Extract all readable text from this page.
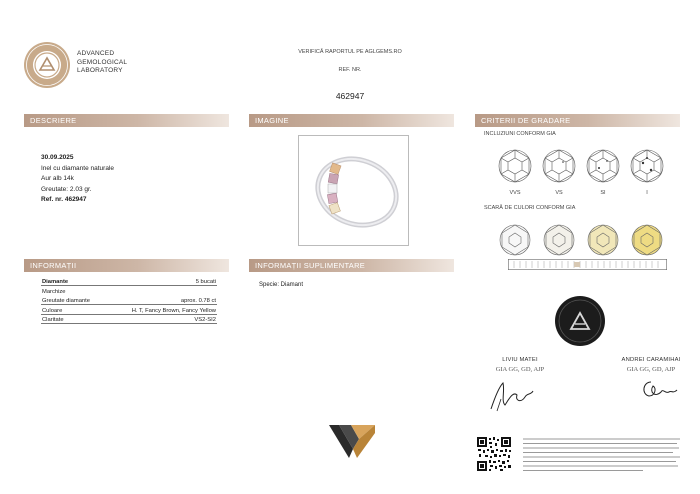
ADVANCED
GEMOLOGICAL
LABORATORY
VERIFICĂ RAPORTUL PE AGLGEMS.RO
REF. NR.
462947
DESCRIERE	IMAGINE	CRITERII DE GRADARE
INFORMAȚII	INFORMAȚII SUPLIMENTARE
30.09.2025
Inel cu diamante naturale
Aur alb 14k
Greutate: 2.03 gr.
Ref. nr. 462947
Diamante	5 bucati
Marchize
Greutate diamante	aprox. 0.78 ct
Culoare	H. T, Fancy Brown, Fancy Yellow
Claritate	VS2-SI2
Specie: Diamant
INCLUZIUNI CONFORM GIA
VVS	VS	SI	I
SCARĂ DE CULORI CONFORM GIA
LIVIU MATEI
GIA GG, GD, AJP
ANDREI CARAMIHAI
GIA GG, GD, AJP
